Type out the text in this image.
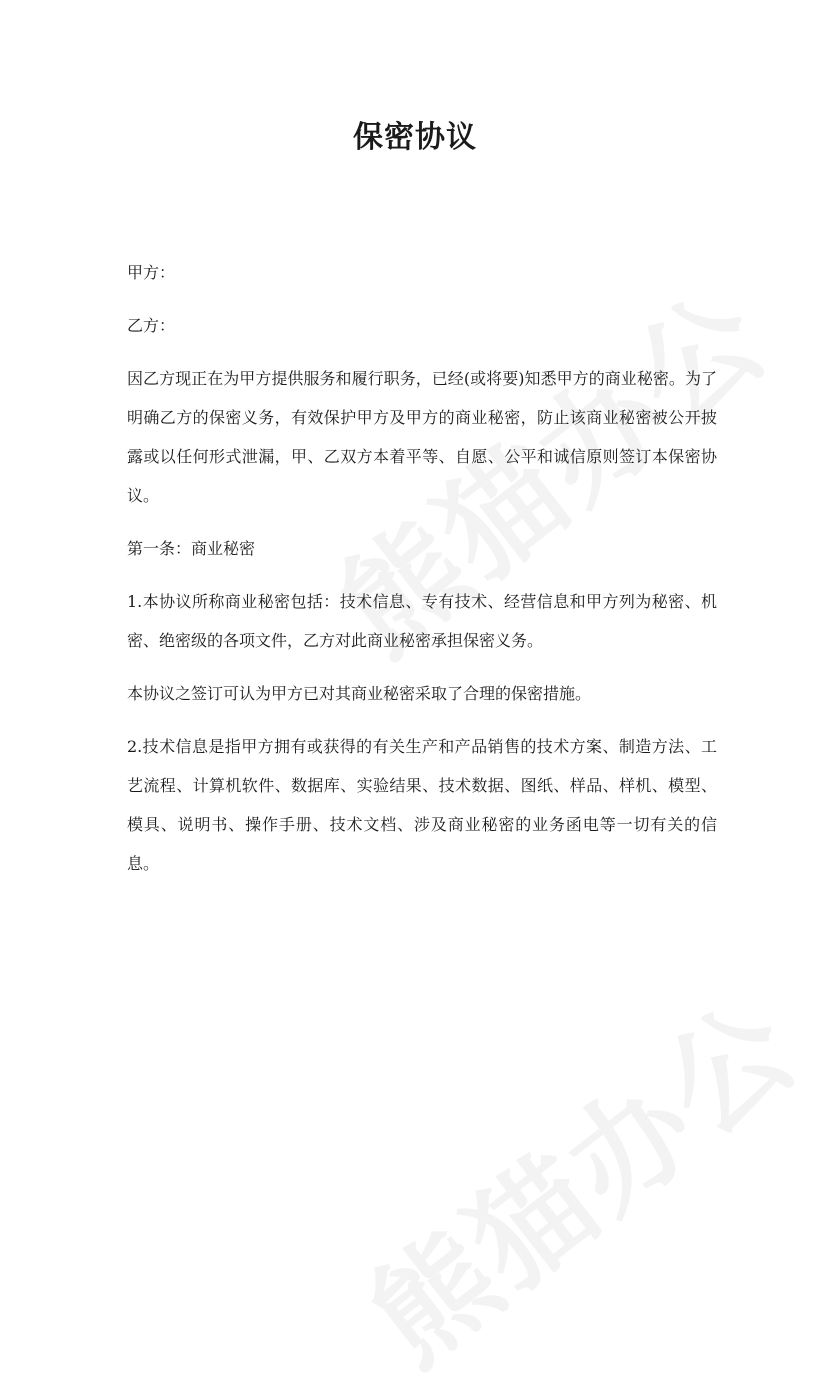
保密协议

甲方：

乙方：

因乙方现正在为甲方提供服务和履行职务，已经(或将要)知悉甲方的商业秘密。为了明确乙方的保密义务，有效保护甲方及甲方的商业秘密，防止该商业秘密被公开披露或以任何形式泄漏，甲、乙双方本着平等、自愿、公平和诚信原则签订本保密协议。

第一条：商业秘密

1.本协议所称商业秘密包括：技术信息、专有技术、经营信息和甲方列为秘密、机密、绝密级的各项文件，乙方对此商业秘密承担保密义务。

本协议之签订可认为甲方已对其商业秘密采取了合理的保密措施。

2.技术信息是指甲方拥有或获得的有关生产和产品销售的技术方案、制造方法、工艺流程、计算机软件、数据库、实验结果、技术数据、图纸、样品、样机、模型、模具、说明书、操作手册、技术文档、涉及商业秘密的业务函电等一切有关的信息。
